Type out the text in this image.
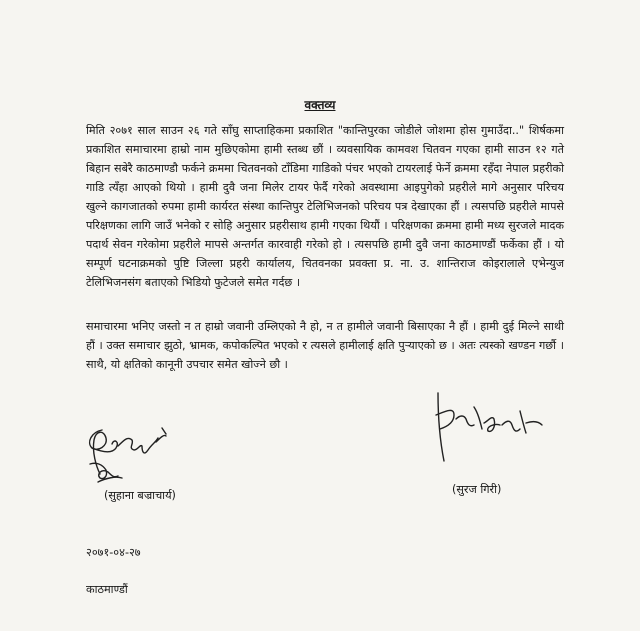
वक्तव्य
मिति २०७१ साल साउन २६ गते साँघु साप्ताहिकमा प्रकाशित "कान्तिपुरका जोडीले जोशमा होस गुमाउँदा.." शिर्षकमा प्रकाशित समाचारमा हाम्रो नाम मुछिएकोमा हामी स्तब्ध छौं । व्यवसायिक कामवश चितवन गएका हामी साउन १२ गते बिहान सबेरै काठमाण्डौ फर्कने क्रममा चितवनको टाँडिमा गाडिको पंचर भएको टायरलाई फेर्ने क्रममा रहँदा नेपाल प्रहरीको गाडि त्यँहा आएको थियो । हामी दुवै जना मिलेर टायर फेर्दै गरेको अवस्थामा आइपुगेको प्रहरीले मागे अनुसार परिचय खुल्ने कागजातको रुपमा हामी कार्यरत संस्था कान्तिपुर टेलिभिजनको परिचय पत्र देखाएका हौं । त्यसपछि प्रहरीले मापसे परिक्षणका लागि जाउँ भनेको र सोहि अनुसार प्रहरीसाथ हामी गएका थियौं । परिक्षणका क्रममा हामी मध्य सुरजले मादक पदार्थ सेवन गरेकोमा प्रहरीले मापसे अन्तर्गत कारवाही गरेको हो । त्यसपछि हामी दुवै जना काठमाण्डौं फर्केका हौं । यो सम्पूर्ण घटनाक्रमको पुष्टि जिल्ला प्रहरी कार्यालय, चितवनका प्रवक्ता प्र. ना. उ. शान्तिराज कोइरालाले एभेन्युज टेलिभिजनसंग बताएको भिडियो फुटेजले समेत गर्दछ ।
समाचारमा भनिए जस्तो न त हाम्रो जवानी उम्लिएको नै हो, न त हामीले जवानी बिसाएका नै हौं । हामी दुई मिल्ने साथी हौं । उक्त समाचार झुठो, भ्रामक, कपोकल्पित भएको र त्यसले हामीलाई क्षति पुऱ्याएको छ । अतः त्यस्को खण्डन गर्छौ । साथै, यो क्षतिको कानूनी उपचार समेत खोज्ने छौ ।
(सुहाना बज्राचार्य)	(सुरज गिरी)
२०७१-०४-२७
काठमाण्डौं
